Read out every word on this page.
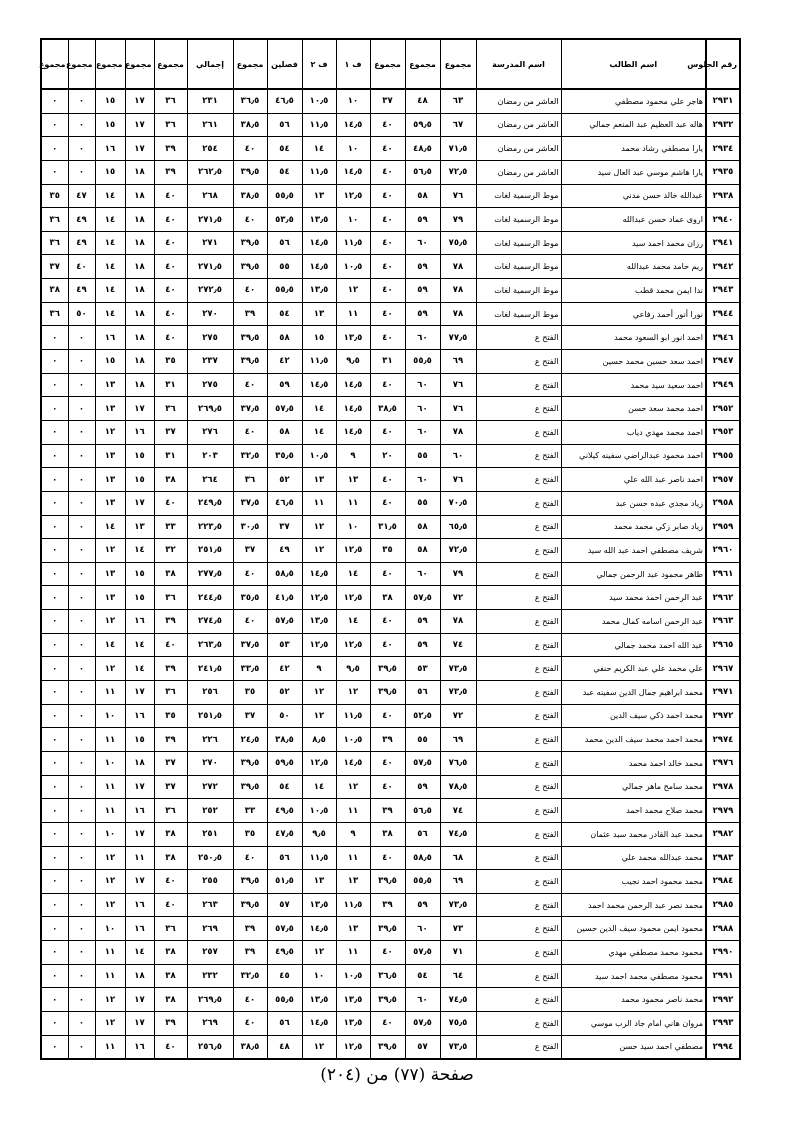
رقم الجلوس	اسم الطالب	اسم المدرسة	مجموع	مجموع	مجموع	ف ١	ف ٢	فصلين	مجموع	إجمالي	مجموع	مجموع	مجموع	مجموع	مجموع
٢٩٣١	هاجر علي محمود مصطفي	العاشر من رمضان	٦٣	٤٨	٣٧	١٠	١٠٫٥	٤٦٫٥	٣٦٫٥	٢٣١	٣٦	١٧	١٥	٠	٠
٢٩٣٢	هاله عبد العظيم عبد المنعم جمالي	العاشر من رمضان	٦٧	٥٩٫٥	٤٠	١٤٫٥	١١٫٥	٥٦	٣٨٫٥	٢٦١	٣٦	١٧	١٥	٠	٠
٢٩٣٤	يارا مصطفي رشاد محمد	العاشر من رمضان	٧١٫٥	٤٨٫٥	٤٠	١٠	١٤	٥٤	٤٠	٢٥٤	٣٩	١٧	١٦	٠	٠
٢٩٣٥	يارا هاشم موسي عبد العال سيد	العاشر من رمضان	٧٢٫٥	٥٦٫٥	٤٠	١٤٫٥	١١٫٥	٥٤	٣٩٫٥	٢٦٢٫٥	٣٩	١٨	١٥	٠	٠
٢٩٣٨	عبدالله خالد حسن مدني	موط الرسمية لغات	٧٦	٥٨	٤٠	١٢٫٥	١٣	٥٥٫٥	٣٨٫٥	٢٦٨	٤٠	١٨	١٤	٤٧	٣٥
٢٩٤٠	اروى عماد حسن عبدالله	موط الرسمية لغات	٧٩	٥٩	٤٠	١٠	١٣٫٥	٥٣٫٥	٤٠	٢٧١٫٥	٤٠	١٨	١٤	٤٩	٣٦
٢٩٤١	رزان محمد احمد سيد	موط الرسمية لغات	٧٥٫٥	٦٠	٤٠	١١٫٥	١٤٫٥	٥٦	٣٩٫٥	٢٧١	٤٠	١٨	١٤	٤٩	٣٦
٢٩٤٢	ريم حامد محمد عبدالله	موط الرسمية لغات	٧٨	٥٩	٤٠	١٠٫٥	١٤٫٥	٥٥	٣٩٫٥	٢٧١٫٥	٤٠	١٨	١٤	٤٠	٣٧
٢٩٤٣	ندا ايمن محمد قطب	موط الرسمية لغات	٧٨	٥٩	٤٠	١٢	١٣٫٥	٥٥٫٥	٤٠	٢٧٢٫٥	٤٠	١٨	١٤	٤٩	٣٨
٢٩٤٤	نورا أنور أحمد رفاعي	موط الرسمية لغات	٧٨	٥٩	٤٠	١١	١٣	٥٤	٣٩	٢٧٠	٤٠	١٨	١٤	٥٠	٣٦
٢٩٤٦	احمد انور ابو السعود محمد	الفتح ع	٧٧٫٥	٦٠	٤٠	١٣٫٥	١٥	٥٨	٣٩٫٥	٢٧٥	٤٠	١٨	١٦	٠	٠
٢٩٤٧	احمد سعد حسين محمد حسين	الفتح ع	٦٩	٥٥٫٥	٣١	٩٫٥	١١٫٥	٤٢	٣٩٫٥	٢٣٧	٣٥	١٨	١٥	٠	٠
٢٩٤٩	احمد سعيد سيد محمد	الفتح ع	٧٦	٦٠	٤٠	١٤٫٥	١٤٫٥	٥٩	٤٠	٢٧٥	٣١	١٨	١٣	٠	٠
٢٩٥٢	احمد محمد سعد حسن	الفتح ع	٧٦	٦٠	٣٨٫٥	١٤٫٥	١٤	٥٧٫٥	٣٧٫٥	٢٦٩٫٥	٣٦	١٧	١٣	٠	٠
٢٩٥٣	احمد محمد مهدي دياب	الفتح ع	٧٨	٦٠	٤٠	١٤٫٥	١٤	٥٨	٤٠	٢٧٦	٣٧	١٦	١٢	٠	٠
٢٩٥٥	احمد محمود عبدالراضي سفينه كيلاني	الفتح ع	٦٠	٥٥	٢٠	٩	١٠٫٥	٣٥٫٥	٣٢٫٥	٢٠٣	٣١	١٥	١٣	٠	٠
٢٩٥٧	احمد ناصر عبد الله علي	الفتح ع	٧٦	٦٠	٤٠	١٣	١٣	٥٢	٣٦	٢٦٤	٣٨	١٥	١٣	٠	٠
٢٩٥٨	زياد مجدي عبده حسن عبد	الفتح ع	٧٠٫٥	٥٥	٤٠	١١	١١	٤٦٫٥	٣٧٫٥	٢٤٩٫٥	٤٠	١٧	١٣	٠	٠
٢٩٥٩	زياد صابر زكي محمد محمد	الفتح ع	٦٥٫٥	٥٨	٣١٫٥	١٠	١٢	٣٧	٣٠٫٥	٢٢٣٫٥	٣٣	١٣	١٤	٠	٠
٢٩٦٠	شريف مصطفي احمد عبد الله سيد	الفتح ع	٧٢٫٥	٥٨	٣٥	١٢٫٥	١٢	٤٩	٣٧	٢٥١٫٥	٣٢	١٤	١٢	٠	٠
٢٩٦١	طاهر محمود عبد الرحمن جمالي	الفتح ع	٧٩	٦٠	٤٠	١٤	١٤٫٥	٥٨٫٥	٤٠	٢٧٧٫٥	٣٨	١٥	١٣	٠	٠
٢٩٦٢	عبد الرحمن احمد محمد سيد	الفتح ع	٧٢	٥٧٫٥	٣٨	١٢٫٥	١٢٫٥	٤١٫٥	٣٥٫٥	٢٤٤٫٥	٣٦	١٥	١٣	٠	٠
٢٩٦٣	عبد الرحمن اسامه كمال محمد	الفتح ع	٧٨	٥٩	٤٠	١٤	١٣٫٥	٥٧٫٥	٤٠	٢٧٤٫٥	٣٩	١٦	١٢	٠	٠
٢٩٦٥	عبد الله احمد محمد جمالي	الفتح ع	٧٤	٥٩	٤٠	١٢٫٥	١٢٫٥	٥٣	٣٧٫٥	٢٦٣٫٥	٤٠	١٤	١٤	٠	٠
٢٩٦٧	علي محمد علي عبد الكريم حنفي	الفتح ع	٧٣٫٥	٥٣	٣٩٫٥	٩٫٥	٩	٤٢	٣٣٫٥	٢٤١٫٥	٣٩	١٤	١٢	٠	٠
٢٩٧١	محمد ابراهيم جمال الدين سفينه عبد	الفتح ع	٧٣٫٥	٥٦	٣٩٫٥	١٢	١٢	٥٢	٣٥	٢٥٦	٣٦	١٧	١١	٠	٠
٢٩٧٢	محمد احمد ذكي سيف الدين	الفتح ع	٧٢	٥٢٫٥	٤٠	١١٫٥	١٢	٥٠	٣٧	٢٥١٫٥	٣٥	١٦	١٠	٠	٠
٢٩٧٤	محمد احمد محمد سيف الدين محمد	الفتح ع	٦٩	٥٥	٣٩	١٠٫٥	٨٫٥	٣٨٫٥	٢٤٫٥	٢٢٦	٣٩	١٥	١١	٠	٠
٢٩٧٦	محمد خالد احمد محمد	الفتح ع	٧٦٫٥	٥٧٫٥	٤٠	١٤٫٥	١٢٫٥	٥٩٫٥	٣٩٫٥	٢٧٠	٣٧	١٨	١٠	٠	٠
٢٩٧٨	محمد سامح ماهر جمالي	الفتح ع	٧٨٫٥	٥٩	٤٠	١٢	١٤	٥٤	٣٩٫٥	٢٧٢	٣٧	١٧	١١	٠	٠
٢٩٧٩	محمد صلاح محمد احمد	الفتح ع	٧٤	٥٦٫٥	٣٩	١١	١٠٫٥	٤٩٫٥	٣٣	٢٥٢	٣٦	١٦	١١	٠	٠
٢٩٨٢	محمد عبد القادر محمد سيد عثمان	الفتح ع	٧٤٫٥	٥٦	٣٨	٩	٩٫٥	٤٧٫٥	٣٥	٢٥١	٣٨	١٧	١٠	٠	٠
٢٩٨٣	محمد عبدالله محمد علي	الفتح ع	٦٨	٥٨٫٥	٤٠	١١	١١٫٥	٥٦	٤٠	٢٥٠٫٥	٣٨	١١	١٢	٠	٠
٢٩٨٤	محمد محمود احمد نجيب	الفتح ع	٦٩	٥٥٫٥	٣٩٫٥	١٣	١٣	٥١٫٥	٣٩٫٥	٢٥٥	٤٠	١٧	١٢	٠	٠
٢٩٨٥	محمد نصر عبد الرحمن محمد احمد	الفتح ع	٧٣٫٥	٥٩	٣٩	١١٫٥	١٣٫٥	٥٧	٣٩٫٥	٢٦٣	٤٠	١٦	١٢	٠	٠
٢٩٨٨	محمود ايمن محمود سيف الدين حسين	الفتح ع	٧٣	٦٠	٣٩٫٥	١٣	١٤٫٥	٥٧٫٥	٣٩	٢٦٩	٣٦	١٦	١٠	٠	٠
٢٩٩٠	محمود محمد مصطفي مهدي	الفتح ع	٧١	٥٧٫٥	٤٠	١١	١٢	٤٩٫٥	٣٩	٢٥٧	٣٨	١٤	١١	٠	٠
٢٩٩١	محمود مصطفي محمد احمد سيد	الفتح ع	٦٤	٥٤	٣٦٫٥	١٠٫٥	١٠	٤٥	٣٢٫٥	٢٣٢	٣٨	١٨	١١	٠	٠
٢٩٩٢	محمد ناصر محمود محمد	الفتح ع	٧٤٫٥	٦٠	٣٩٫٥	١٣٫٥	١٣٫٥	٥٥٫٥	٤٠	٢٦٩٫٥	٣٨	١٧	١٢	٠	٠
٢٩٩٣	مروان هاني امام جاد الرب موسي	الفتح ع	٧٥٫٥	٥٧٫٥	٤٠	١٣٫٥	١٤٫٥	٥٦	٤٠	٢٦٩	٣٩	١٧	١٢	٠	٠
٢٩٩٤	مصطفي احمد سيد حسن	الفتح ع	٧٣٫٥	٥٧	٣٩٫٥	١٢٫٥	١٢	٤٨	٣٨٫٥	٢٥٦٫٥	٤٠	١٦	١١	٠	٠
صفحة (٧٧) من (٢٠٤)
